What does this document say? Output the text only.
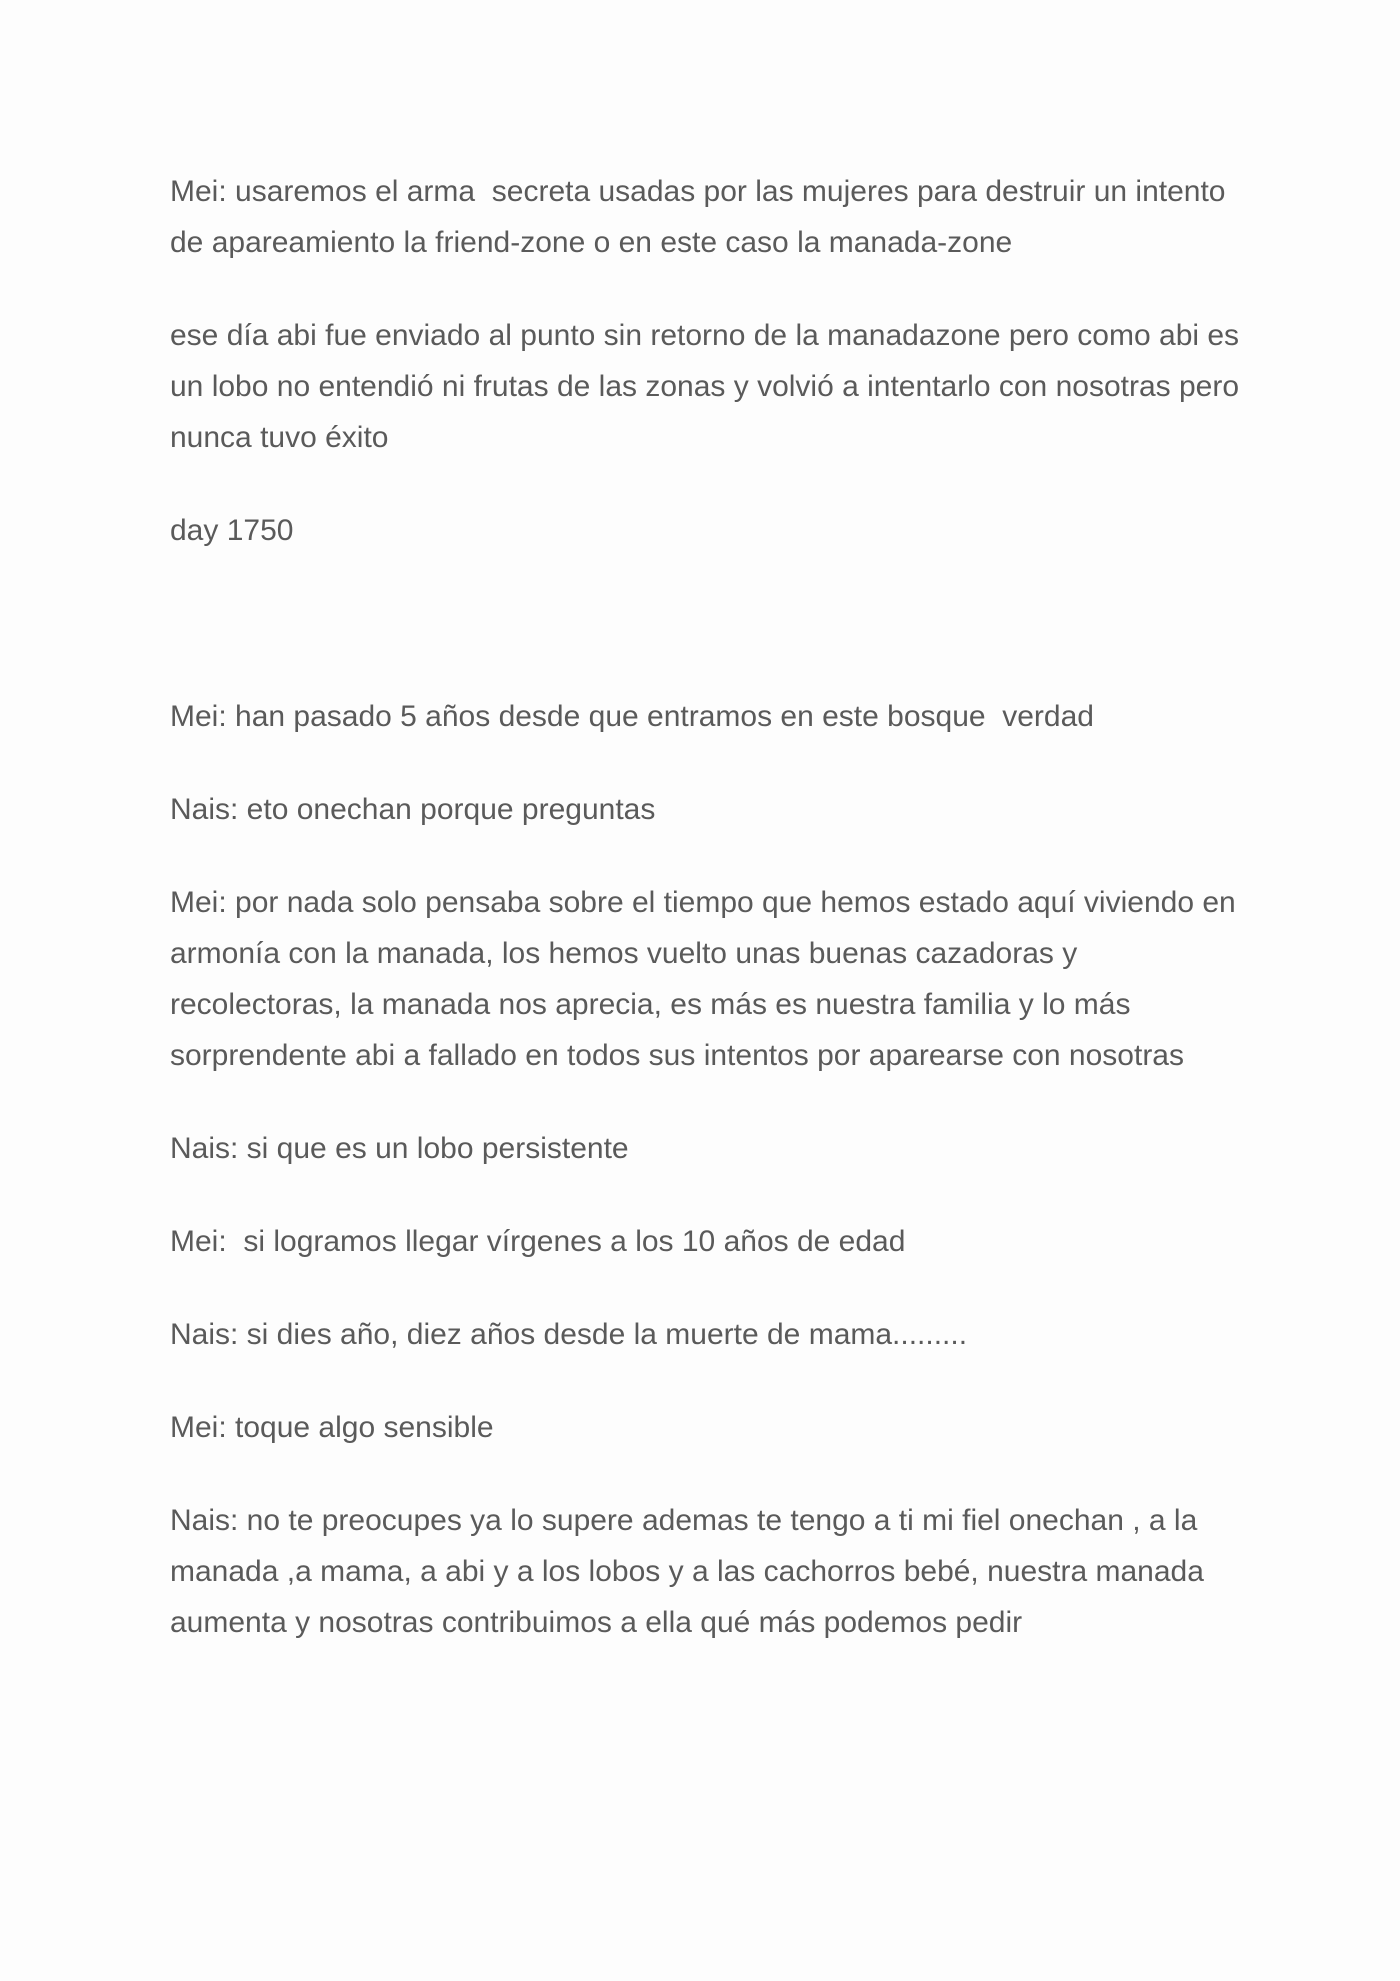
Mei: usaremos el arma  secreta usadas por las mujeres para destruir un intento de apareamiento la friend-zone o en este caso la manada-zone

ese día abi fue enviado al punto sin retorno de la manadazone pero como abi es un lobo no entendió ni frutas de las zonas y volvió a intentarlo con nosotras pero nunca tuvo éxito

day 1750

Mei: han pasado 5 años desde que entramos en este bosque  verdad

Nais: eto onechan porque preguntas

Mei: por nada solo pensaba sobre el tiempo que hemos estado aquí viviendo en armonía con la manada, los hemos vuelto unas buenas cazadoras y recolectoras, la manada nos aprecia, es más es nuestra familia y lo más sorprendente abi a fallado en todos sus intentos por aparearse con nosotras

Nais: si que es un lobo persistente

Mei:  si logramos llegar vírgenes a los 10 años de edad

Nais: si dies año, diez años desde la muerte de mama.........

Mei: toque algo sensible

Nais: no te preocupes ya lo supere ademas te tengo a ti mi fiel onechan , a la manada ,a mama, a abi y a los lobos y a las cachorros bebé, nuestra manada aumenta y nosotras contribuimos a ella qué más podemos pedir
